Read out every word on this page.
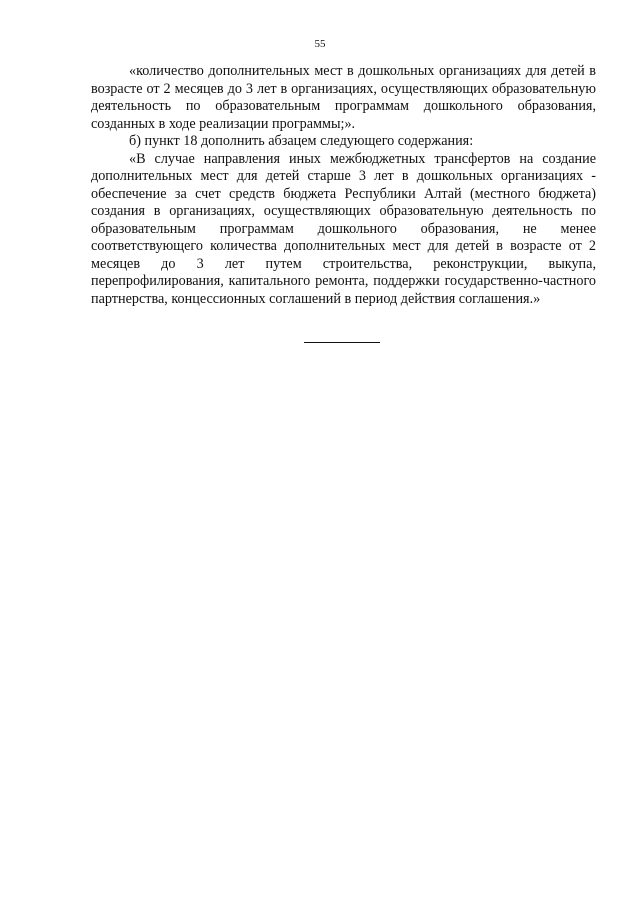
55

«количество дополнительных мест в дошкольных организациях для детей в возрасте от 2 месяцев до 3 лет в организациях, осуществляющих образовательную деятельность по образовательным программам дошкольного образования, созданных в ходе реализации программы;».

б) пункт 18 дополнить абзацем следующего содержания:

«В случае направления иных межбюджетных трансфертов на создание дополнительных мест для детей старше 3 лет в дошкольных организациях - обеспечение за счет средств бюджета Республики Алтай (местного бюджета) создания в организациях, осуществляющих образовательную деятельность по образовательным программам дошкольного образования, не менее соответствующего количества дополнительных мест для детей в возрасте от 2 месяцев до 3 лет путем строительства, реконструкции, выкупа, перепрофилирования, капитального ремонта, поддержки государственно-частного партнерства, концессионных соглашений в период действия соглашения.»
